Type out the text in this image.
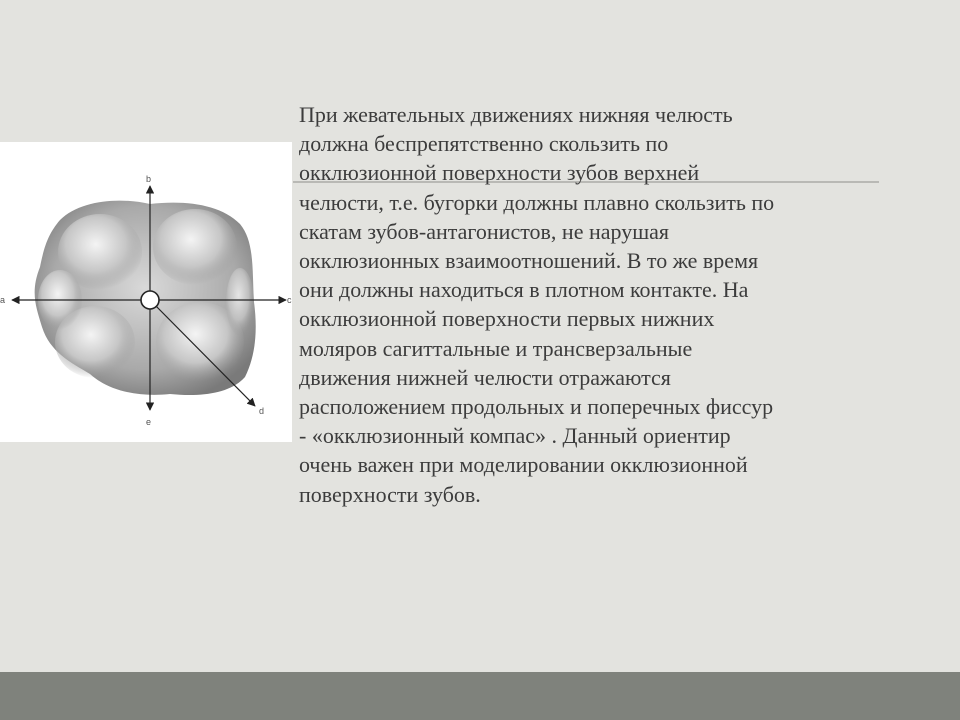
a
b
c
d
e

При жевательных движениях нижняя челюсть
должна беспрепятственно скользить по
окклюзионной поверхности зубов верхней
челюсти, т.е. бугорки должны плавно скользить по
скатам зубов-антагонистов, не нарушая
окклюзионных взаимоотношений. В то же время
они должны находиться в плотном контакте. На
окклюзионной поверхности первых нижних
моляров сагиттальные и трансверзальные
движения нижней челюсти отражаются
расположением продольных и поперечных фиссур
- «окклюзионный компас» . Данный ориентир
очень важен при моделировании окклюзионной
поверхности зубов.
